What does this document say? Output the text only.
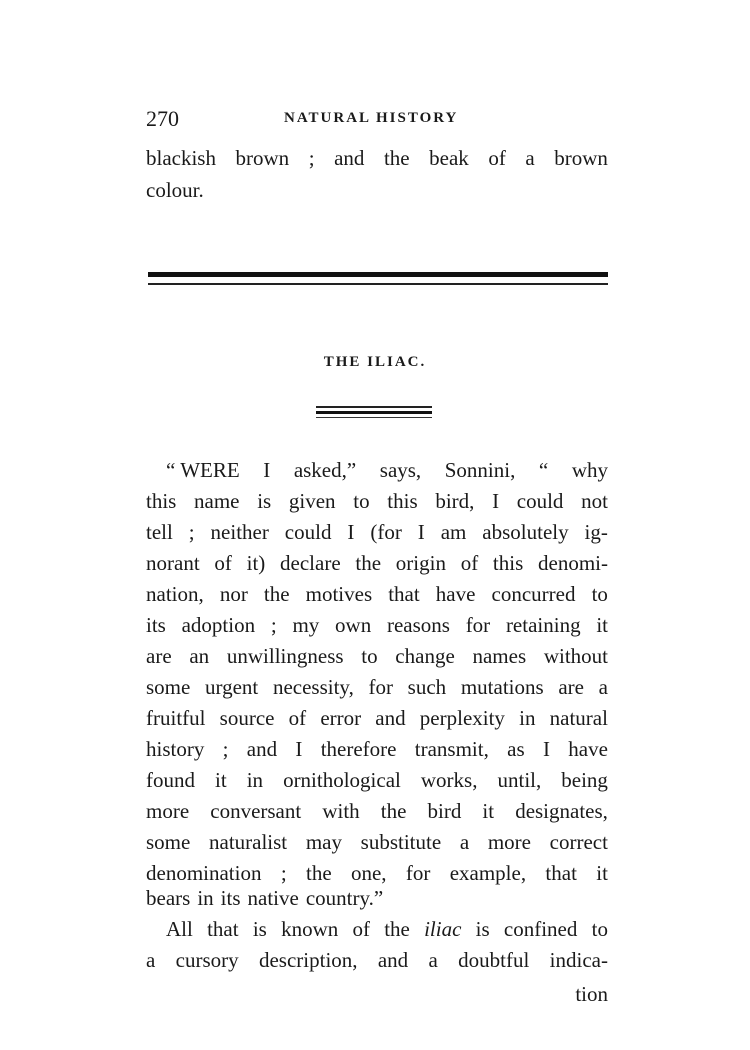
270	NATURAL HISTORY
blackish brown ; and the beak of a brown
colour.
THE ILIAC.
“ WERE I asked,” says, Sonnini, “ why
this name is given to this bird, I could not
tell ; neither could I (for I am absolutely ig-
norant of it) declare the origin of this denomi-
nation, nor the motives that have concurred to
its adoption ; my own reasons for retaining it
are an unwillingness to change names without
some urgent necessity, for such mutations are a
fruitful source of error and perplexity in natural
history ; and I therefore transmit, as I have
found it in ornithological works, until, being
more conversant with the bird it designates,
some naturalist may substitute a more correct
denomination ; the one, for example, that it
bears in its native country.”
All that is known of the iliac is confined to
a cursory description, and a doubtful indica-
tion
